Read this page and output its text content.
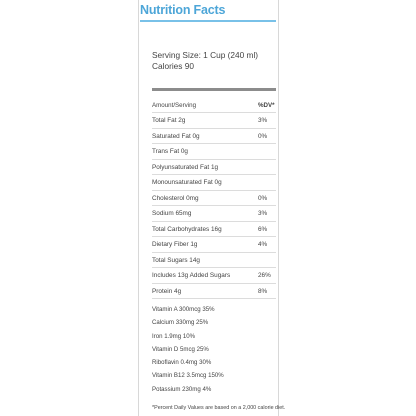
Nutrition Facts
Serving Size: 1 Cup (240 ml)
Calories 90
Amount/Serving	%DV*
Total Fat 2g	3%
Saturated Fat 0g	0%
Trans Fat 0g
Polyunsaturated Fat 1g
Monounsaturated Fat 0g
Cholesterol 0mg	0%
Sodium 65mg	3%
Total Carbohydrates 16g	6%
Dietary Fiber 1g	4%
Total Sugars 14g
Includes 13g Added Sugars	26%
Protein 4g	8%
Vitamin A 300mcg 35%
Calcium 330mg 25%
Iron 1.9mg 10%
Vitamin D 5mcg 25%
Riboflavin 0.4mg 30%
Vitamin B12 3.5mcg 150%
Potassium 230mg 4%
*Percent Daily Values are based on a 2,000 calorie diet.
